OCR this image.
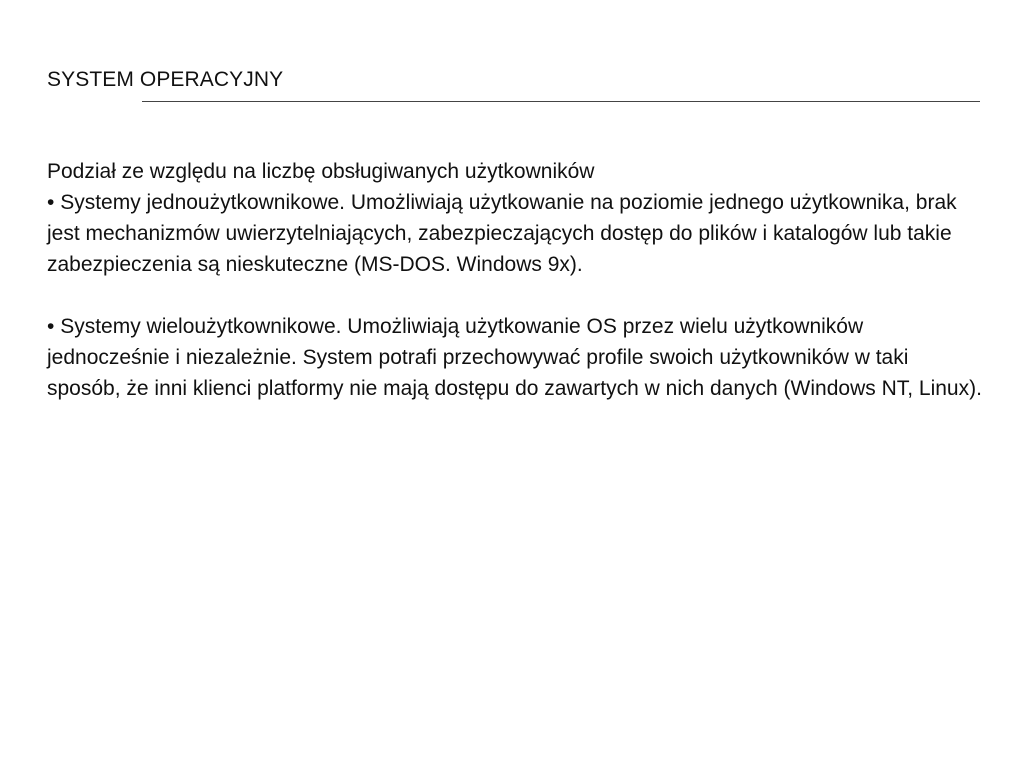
SYSTEM OPERACYJNY

Podział ze względu na liczbę obsługiwanych użytkowników

• Systemy jednoużytkownikowe. Umożliwiają użytkowanie na poziomie jednego użytkownika, brak jest mechanizmów uwierzytelniających, zabezpieczających dostęp do plików i katalogów lub takie zabezpieczenia są nieskuteczne (MS-DOS. Windows 9x).

• Systemy wieloużytkownikowe. Umożliwiają użytkowanie OS przez wielu użytkowników jednocześnie i niezależnie. System potrafi przechowywać profile swoich użytkowników w taki sposób, że inni klienci platformy nie mają dostępu do zawartych w nich danych (Windows NT, Linux).
